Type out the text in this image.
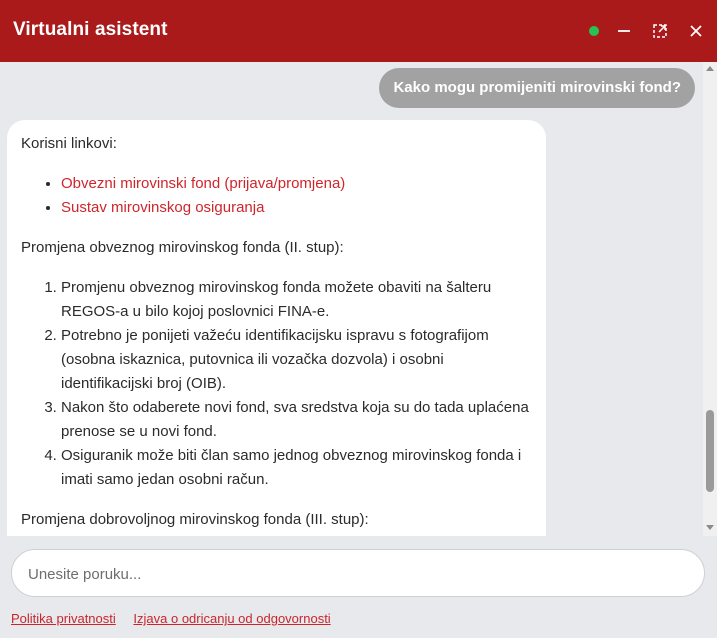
Virtualni asistent
Kako mogu promijeniti mirovinski fond?

Korisni linkovi:

• Obvezni mirovinski fond (prijava/promjena)
• Sustav mirovinskog osiguranja

Promjena obveznog mirovinskog fonda (II. stup):

1. Promjenu obveznog mirovinskog fonda možete obaviti na šalteru REGOS-a u bilo kojoj poslovnici FINA-e.
2. Potrebno je ponijeti važeću identifikacijsku ispravu s fotografijom (osobna iskaznica, putovnica ili vozačka dozvola) i osobni identifikacijski broj (OIB).
3. Nakon što odaberete novi fond, sva sredstva koja su do tada uplaćena prenose se u novi fond.
4. Osiguranik može biti član samo jednog obveznog mirovinskog fonda i imati samo jedan osobni račun.

Promjena dobrovoljnog mirovinskog fonda (III. stup):

Unesite poruku...
Politika privatnosti Izjava o odricanju od odgovornosti
